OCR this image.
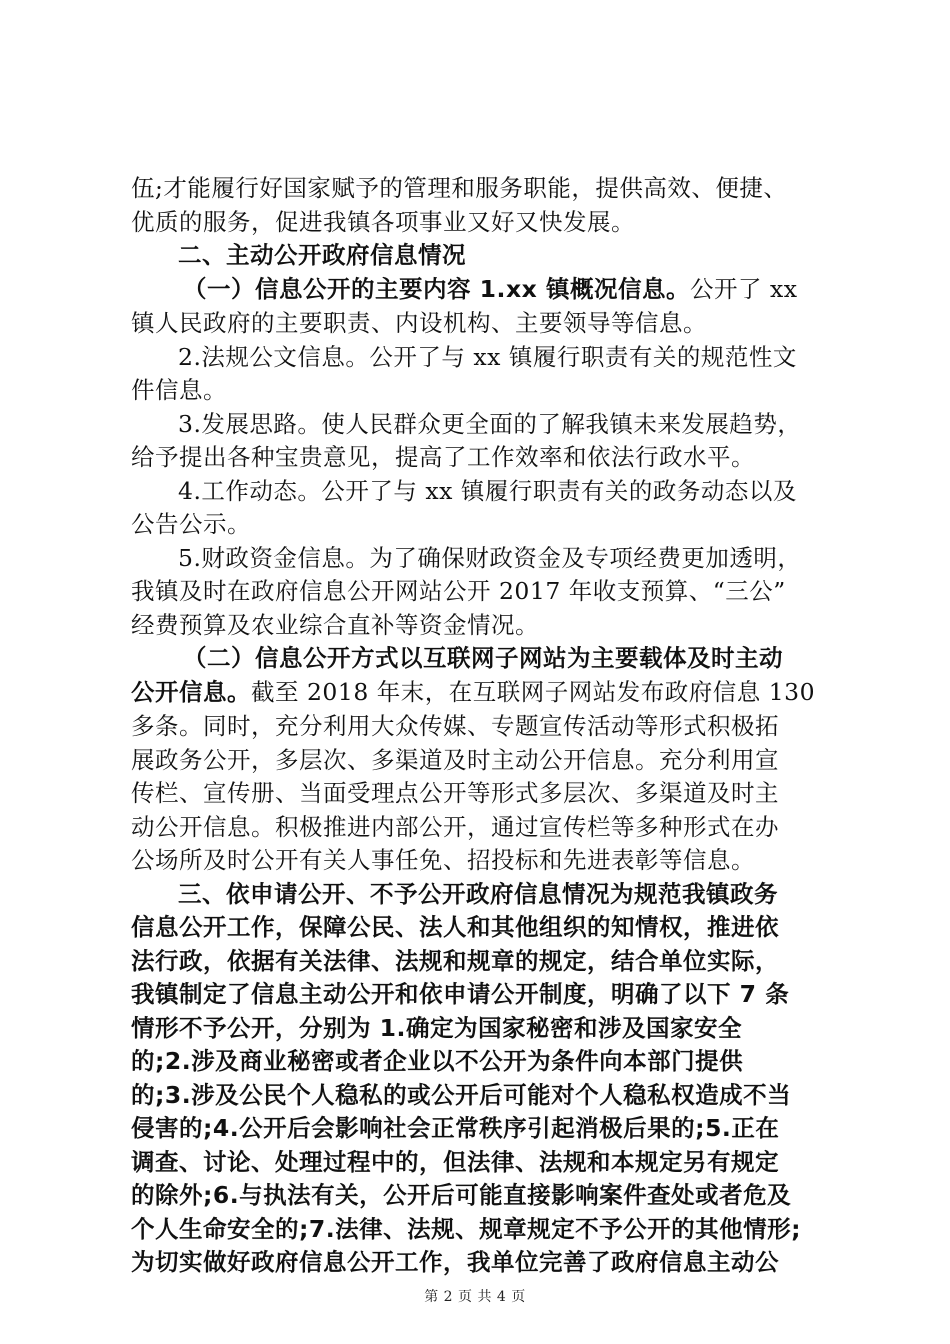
伍;才能履行好国家赋予的管理和服务职能，提供高效、便捷、

优质的服务，促进我镇各项事业又好又快发展。

二、主动公开政府信息情况

（一）信息公开的主要内容 1.xx 镇概况信息。公开了 xx

镇人民政府的主要职责、内设机构、主要领导等信息。

2.法规公文信息。公开了与 xx 镇履行职责有关的规范性文

件信息。

3.发展思路。使人民群众更全面的了解我镇未来发展趋势，

给予提出各种宝贵意见，提高了工作效率和依法行政水平。

4.工作动态。公开了与 xx 镇履行职责有关的政务动态以及

公告公示。

5.财政资金信息。为了确保财政资金及专项经费更加透明，

我镇及时在政府信息公开网站公开 2017 年收支预算、“三公”

经费预算及农业综合直补等资金情况。

（二）信息公开方式以互联网子网站为主要载体及时主动

公开信息。截至 2018 年末，在互联网子网站发布政府信息 130

多条。同时，充分利用大众传媒、专题宣传活动等形式积极拓

展政务公开，多层次、多渠道及时主动公开信息。充分利用宣

传栏、宣传册、当面受理点公开等形式多层次、多渠道及时主

动公开信息。积极推进内部公开，通过宣传栏等多种形式在办

公场所及时公开有关人事任免、招投标和先进表彰等信息。

三、依申请公开、不予公开政府信息情况为规范我镇政务

信息公开工作，保障公民、法人和其他组织的知情权，推进依

法行政，依据有关法律、法规和规章的规定，结合单位实际，

我镇制定了信息主动公开和依申请公开制度，明确了以下 7 条

情形不予公开，分别为 1.确定为国家秘密和涉及国家安全

的;2.涉及商业秘密或者企业以不公开为条件向本部门提供

的;3.涉及公民个人稳私的或公开后可能对个人稳私权造成不当

侵害的;4.公开后会影响社会正常秩序引起消极后果的;5.正在

调查、讨论、处理过程中的，但法律、法规和本规定另有规定

的除外;6.与执法有关，公开后可能直接影响案件查处或者危及

个人生命安全的;7.法律、法规、规章规定不予公开的其他情形;

为切实做好政府信息公开工作，我单位完善了政府信息主动公

第 2 页 共 4 页
